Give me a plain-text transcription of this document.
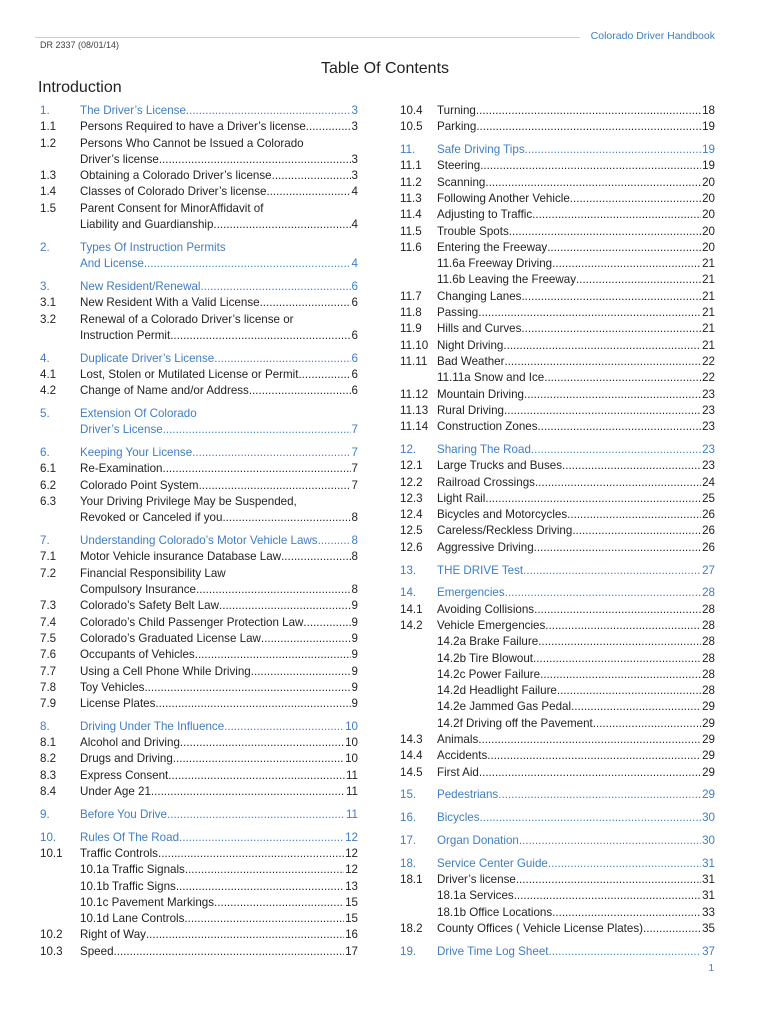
Colorado Driver Handbook
DR 2337 (08/01/14)
Table Of Contents
Introduction
1.	The Driver’s License .....	3
1.1	Persons Required to have a Driver’s license .....	3
1.2	Persons Who Cannot be Issued a Colorado
Driver’s license .....	3
1.3	Obtaining a Colorado Driver’s license .....	3
1.4	Classes of Colorado Driver’s license .....	4
1.5	Parent Consent for MinorAffidavit of
Liability and Guardianship .....	4
2.	Types Of Instruction Permits
And License .....	4
3.	New Resident/Renewal .....	6
3.1	New Resident With a Valid License .....	6
3.2	Renewal of a Colorado Driver’s license or
Instruction Permit .....	6
4.	Duplicate Driver’s License .....	6
4.1	Lost, Stolen or Mutilated License or Permit .....	6
4.2	Change of Name and/or Address .....	6
5.	Extension Of Colorado
Driver’s License .....	7
6.	Keeping Your License .....	7
6.1	Re-Examination .....	7
6.2	Colorado Point System .....	7
6.3	Your Driving Privilege May be Suspended,
Revoked or Canceled if you .....	8
7.	Understanding Colorado’s Motor Vehicle Laws .....	8
7.1	Motor Vehicle insurance Database Law .....	8
7.2	Financial Responsibility Law
Compulsory Insurance .....	8
7.3	Colorado’s Safety Belt Law .....	9
7.4	Colorado’s Child Passenger Protection Law .....	9
7.5	Colorado’s Graduated License Law .....	9
7.6	Occupants of Vehicles .....	9
7.7	Using a Cell Phone While Driving .....	9
7.8	Toy Vehicles .....	9
7.9	License Plates .....	9
8.	Driving Under The Influence .....	10
8.1	Alcohol and Driving .....	10
8.2	Drugs and Driving .....	10
8.3	Express Consent .....	11
8.4	Under Age 21 .....	11
9.	Before You Drive .....	11
10.	Rules Of The Road .....	12
10.1	Traffic Controls .....	12
10.1a Traffic Signals .....	12
10.1b Traffic Signs .....	13
10.1c Pavement Markings .....	15
10.1d Lane Controls .....	15
10.2	Right of Way .....	16
10.3	Speed .....	17
10.4	Turning .....	18
10.5	Parking .....	19
11.	Safe Driving Tips .....	19
11.1	Steering .....	19
11.2	Scanning .....	20
11.3	Following Another Vehicle .....	20
11.4	Adjusting to Traffic .....	20
11.5	Trouble Spots .....	20
11.6	Entering the Freeway .....	20
11.6a Freeway Driving .....	21
11.6b Leaving the Freeway .....	21
11.7	Changing Lanes .....	21
11.8	Passing .....	21
11.9	Hills and Curves .....	21
11.10 Night Driving .....	21
11.11 Bad Weather .....	22
11.11a Snow and Ice .....	22
11.12 Mountain Driving .....	23
11.13 Rural Driving .....	23
11.14 Construction Zones .....	23
12.	Sharing The Road .....	23
12.1	Large Trucks and Buses .....	23
12.2	Railroad Crossings .....	24
12.3	Light Rail .....	25
12.4	Bicycles and Motorcycles .....	26
12.5	Careless/Reckless Driving .....	26
12.6	Aggressive Driving .....	26
13.	THE DRIVE Test .....	27
14.	Emergencies .....	28
14.1	Avoiding Collisions .....	28
14.2	Vehicle Emergencies .....	28
14.2a Brake Failure .....	28
14.2b Tire Blowout .....	28
14.2c Power Failure .....	28
14.2d Headlight Failure .....	28
14.2e Jammed Gas Pedal .....	29
14.2f Driving off the Pavement .....	29
14.3	Animals .....	29
14.4	Accidents .....	29
14.5	First Aid .....	29
15.	Pedestrians .....	29
16.	Bicycles .....	30
17.	Organ Donation .....	30
18.	Service Center Guide .....	31
18.1	Driver’s license .....	31
18.1a Services .....	31
18.1b Office Locations .....	33
18.2	County Offices ( Vehicle License Plates) .....	35
19.	Drive Time Log Sheet .....	37
1
